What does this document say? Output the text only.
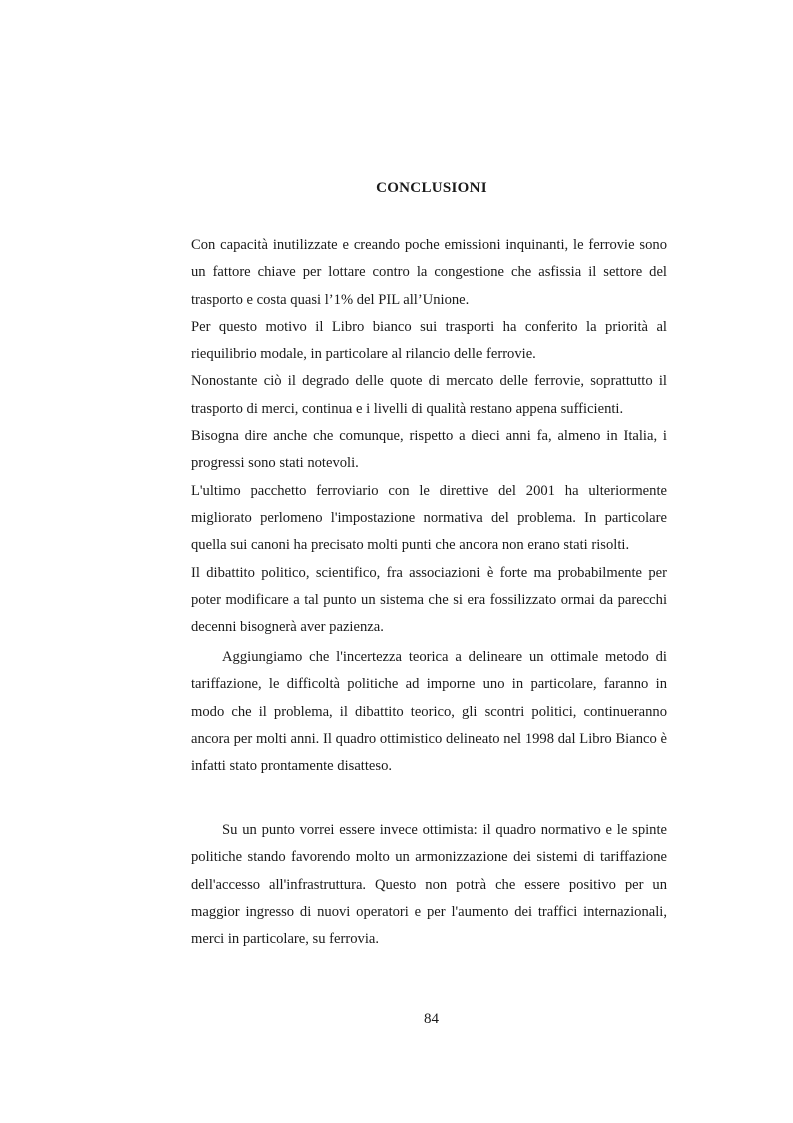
CONCLUSIONI

Con capacità inutilizzate e creando poche emissioni inquinanti, le ferrovie sono un fattore chiave per lottare contro la congestione che asfissia il settore del trasporto e costa quasi l’1% del PIL all’Unione.

Per questo motivo il Libro bianco sui trasporti ha conferito la priorità al riequilibrio modale, in particolare al rilancio delle ferrovie.

Nonostante ciò il degrado delle quote di mercato delle ferrovie, soprattutto il trasporto di merci, continua e i livelli di qualità restano appena sufficienti.

Bisogna dire anche che comunque, rispetto a dieci anni fa, almeno in Italia, i progressi sono stati notevoli.

L'ultimo pacchetto ferroviario con le direttive del 2001 ha ulteriormente migliorato perlomeno l'impostazione normativa del problema. In particolare quella sui canoni ha precisato molti punti che ancora non erano stati risolti.

Il dibattito politico, scientifico, fra associazioni è forte ma probabilmente per poter modificare a tal punto un sistema che si era fossilizzato ormai da parecchi decenni bisognerà aver pazienza.

Aggiungiamo che l'incertezza teorica a delineare un ottimale metodo di tariffazione, le difficoltà politiche ad imporne uno in particolare, faranno in modo che il problema, il dibattito teorico, gli scontri politici, continueranno ancora per molti anni. Il quadro ottimistico delineato nel 1998 dal Libro Bianco è infatti stato prontamente disatteso.

Su un punto vorrei essere invece ottimista: il quadro normativo e le spinte politiche stando favorendo molto un armonizzazione dei sistemi di tariffazione dell'accesso all'infrastruttura. Questo non potrà che essere positivo per un maggior ingresso di nuovi operatori e per l'aumento dei traffici internazionali, merci in particolare, su ferrovia.

84
